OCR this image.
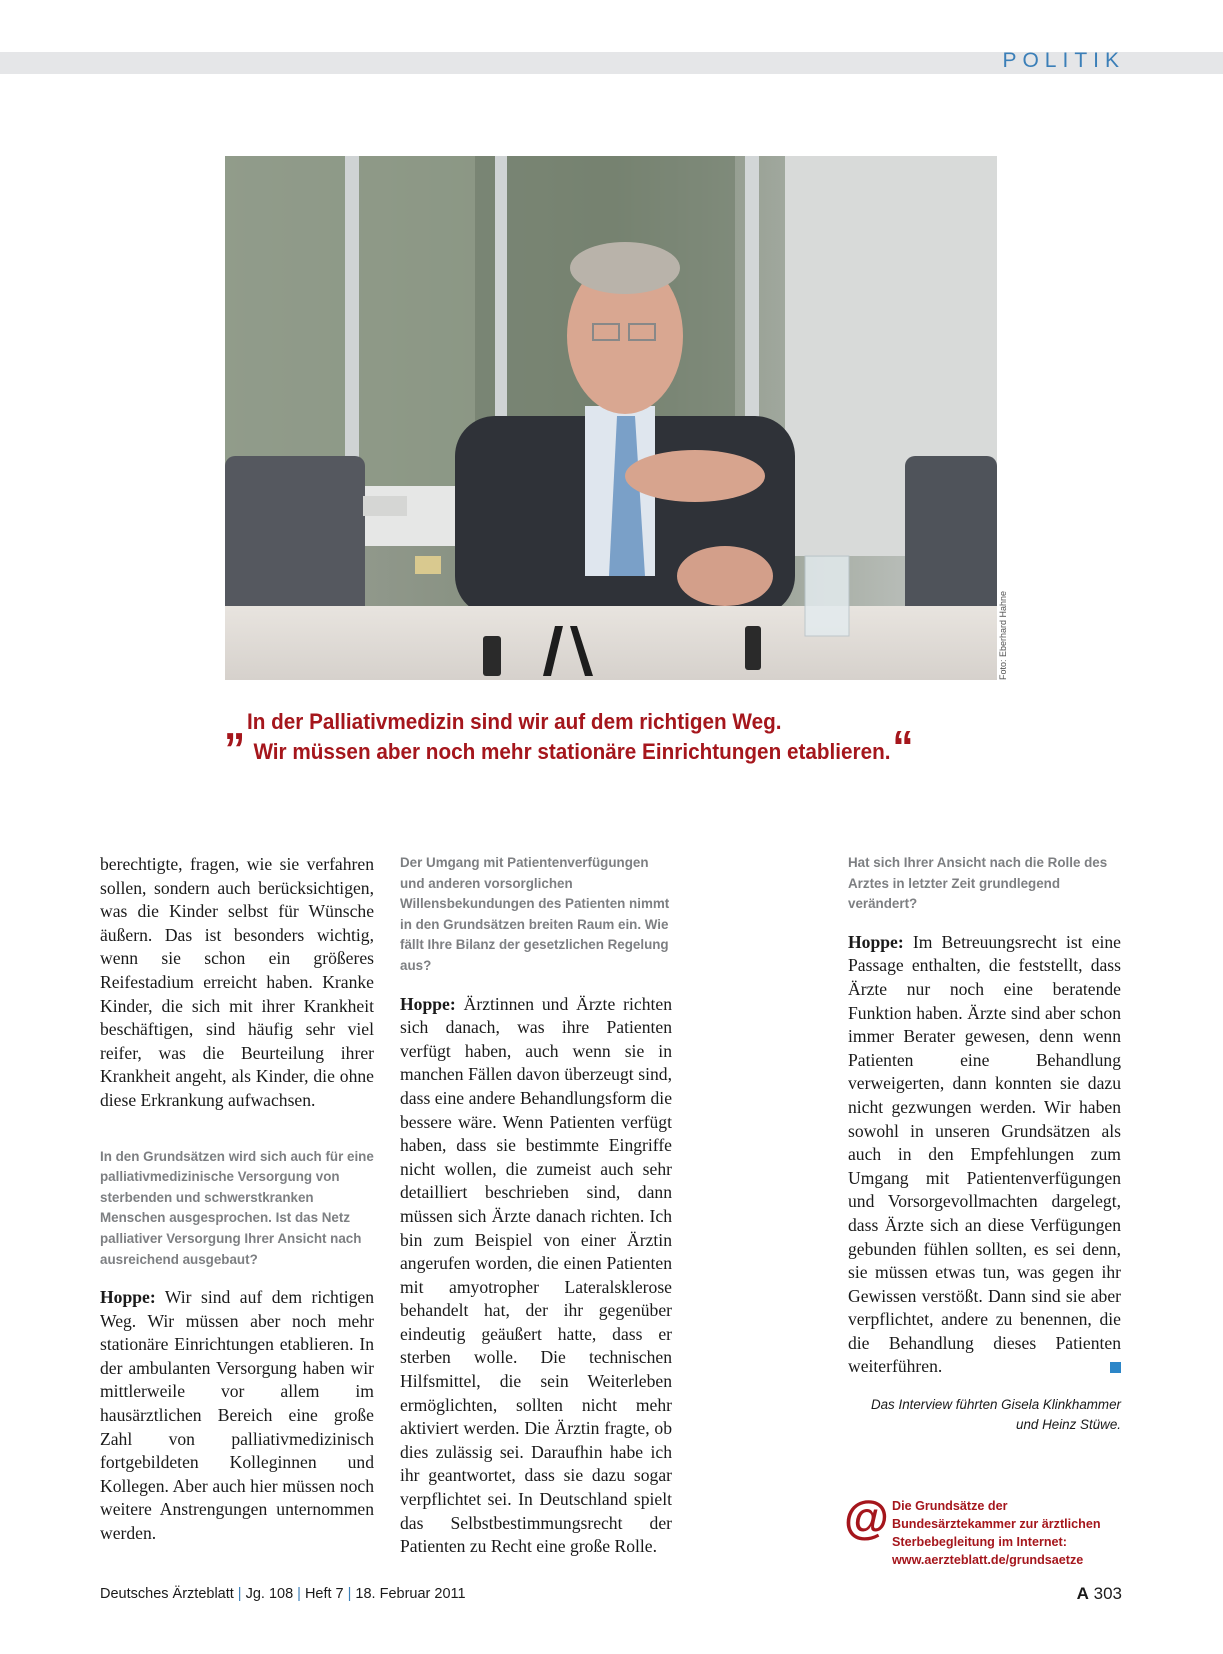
POLITIK
Foto: Eberhard Hahne
„In der Palliativmedizin sind wir auf dem richtigen Weg.
Wir müssen aber noch mehr stationäre Einrichtungen etablieren.“

berechtigte, fragen, wie sie verfahren sollen, sondern auch berücksichtigen, was die Kinder selbst für Wünsche äußern. Das ist besonders wichtig, wenn sie schon ein größeres Reifestadium erreicht haben. Kranke Kinder, die sich mit ihrer Krankheit beschäftigen, sind häufig sehr viel reifer, was die Beurteilung ihrer Krankheit angeht, als Kinder, die ohne diese Erkrankung aufwachsen.

In den Grundsätzen wird sich auch für eine palliativmedizinische Versorgung von sterbenden und schwerstkranken Menschen ausgesprochen. Ist das Netz palliativer Versorgung Ihrer Ansicht nach ausreichend ausgebaut?

Hoppe: Wir sind auf dem richtigen Weg. Wir müssen aber noch mehr stationäre Einrichtungen etablieren. In der ambulanten Versorgung haben wir mittlerweile vor allem im hausärztlichen Bereich eine große Zahl von palliativmedizinisch fortgebildeten Kolleginnen und Kollegen. Aber auch hier müssen noch weitere Anstrengungen unternommen werden.

Der Umgang mit Patientenverfügungen und anderen vorsorglichen Willensbekundungen des Patienten nimmt in den Grundsätzen breiten Raum ein. Wie fällt Ihre Bilanz der gesetzlichen Regelung aus?

Hoppe: Ärztinnen und Ärzte richten sich danach, was ihre Patienten verfügt haben, auch wenn sie in manchen Fällen davon überzeugt sind, dass eine andere Behandlungsform die bessere wäre. Wenn Patienten verfügt haben, dass sie bestimmte Eingriffe nicht wollen, die zumeist auch sehr detailliert beschrieben sind, dann müssen sich Ärzte danach richten. Ich bin zum Beispiel von einer Ärztin angerufen worden, die einen Patienten mit amyotropher Lateralsklerose behandelt hat, der ihr gegenüber eindeutig geäußert hatte, dass er sterben wolle. Die technischen Hilfsmittel, die sein Weiterleben ermöglichten, sollten nicht mehr aktiviert werden. Die Ärztin fragte, ob dies zulässig sei. Daraufhin habe ich ihr geantwortet, dass sie dazu sogar verpflichtet sei. In Deutschland spielt das Selbstbestimmungsrecht der Patienten zu Recht eine große Rolle.

Hat sich Ihrer Ansicht nach die Rolle des Arztes in letzter Zeit grundlegend verändert?

Hoppe: Im Betreuungsrecht ist eine Passage enthalten, die feststellt, dass Ärzte nur noch eine beratende Funktion haben. Ärzte sind aber schon immer Berater gewesen, denn wenn Patienten eine Behandlung verweigerten, dann konnten sie dazu nicht gezwungen werden. Wir haben sowohl in unseren Grundsätzen als auch in den Empfehlungen zum Umgang mit Patientenverfügungen und Vorsorgevollmachten dargelegt, dass Ärzte sich an diese Verfügungen gebunden fühlen sollten, es sei denn, sie müssen etwas tun, was gegen ihr Gewissen verstößt. Dann sind sie aber verpflichtet, andere zu benennen, die die Behandlung dieses Patienten weiterführen.

Das Interview führten Gisela Klinkhammer
und Heinz Stüwe.

@ Die Grundsätze der Bundesärztekammer zur ärztlichen Sterbebegleitung im Internet: www.aerzteblatt.de/grundsaetze
Deutsches Ärzteblatt | Jg. 108 | Heft 7 | 18. Februar 2011	A 303
